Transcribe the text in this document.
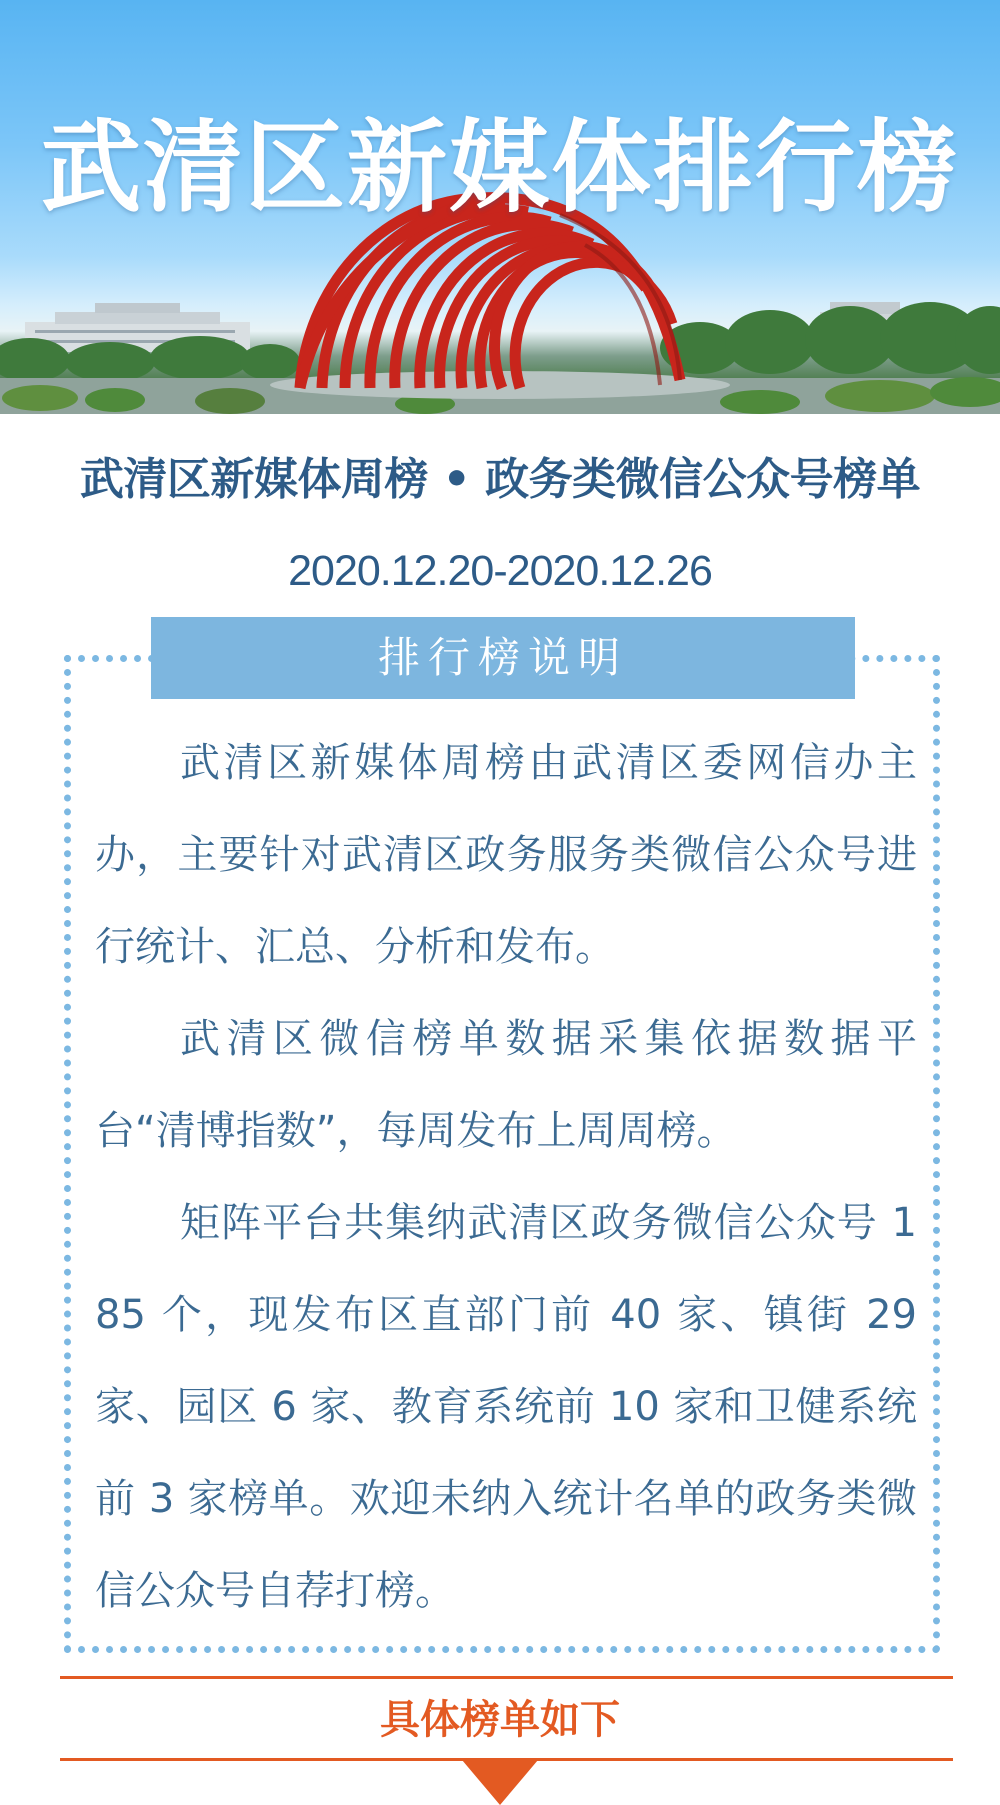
武清区新媒体排行榜
武清区新媒体周榜 • 政务类微信公众号榜单
2020.12.20-2020.12.26
排行榜说明

武清区新媒体周榜由武清区委网信办主办，主要针对武清区政务服务类微信公众号进行统计、汇总、分析和发布。

武清区微信榜单数据采集依据数据平台“清博指数”，每周发布上周周榜。

矩阵平台共集纳武清区政务微信公众号 185 个，现发布区直部门前 40 家、镇街 29 家、园区 6 家、教育系统前 10 家和卫健系统前 3 家榜单。欢迎未纳入统计名单的政务类微信公众号自荐打榜。

具体榜单如下
